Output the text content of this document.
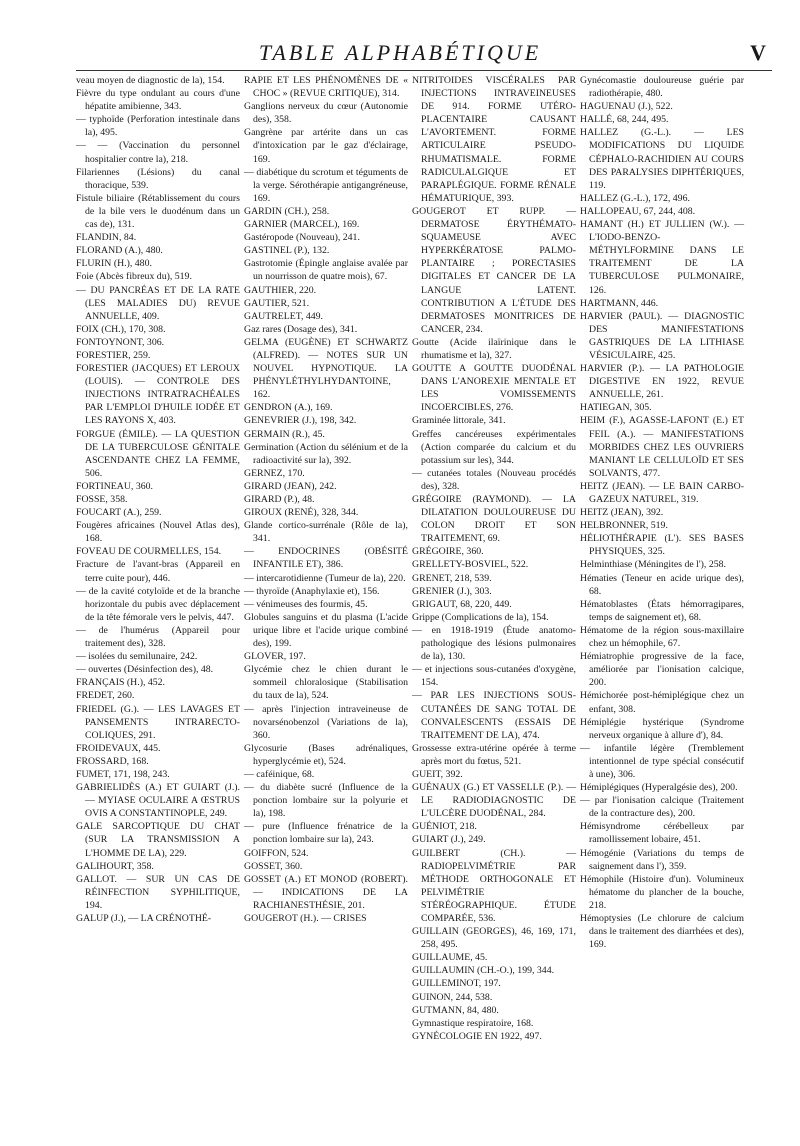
TABLE ALPHABÉTIQUE	V

veau moyen de diagnostic de la), 154.

Fièvre du type ondulant au cours d'une hépatite amibienne, 343.

— typhoïde (Perforation intestinale dans la), 495.

— — (Vaccination du personnel hospitalier contre la), 218.

Filariennes (Lésions) du canal thoracique, 539.

Fistule biliaire (Rétablissement du cours de la bile vers le duodénum dans un cas de), 131.

FLANDIN, 84.

FLORAND (A.), 480.

FLURIN (H.), 480.

Foie (Abcès fibreux du), 519.

— DU PANCRÉAS ET DE LA RATE (LES MALADIES DU) REVUE ANNUELLE, 409.

FOIX (CH.), 170, 308.

FONTOYNONT, 306.

FORESTIER, 259.

FORESTIER (JACQUES) ET LEROUX (LOUIS). — CONTROLE DES INJECTIONS INTRATRACHÉALES PAR L'EMPLOI D'HUILE IODÉE ET LES RAYONS X, 403.

FORGUE (ÉMILE). — LA QUESTION DE LA TUBERCULOSE GÉNITALE ASCENDANTE CHEZ LA FEMME, 506.

FORTINEAU, 360.

FOSSE, 358.

FOUCART (A.), 259.

Fougères africaines (Nouvel Atlas des), 168.

FOVEAU DE COURMELLES, 154.

Fracture de l'avant-bras (Appareil en terre cuite pour), 446.

— de la cavité cotyloïde et de la branche horizontale du pubis avec déplacement de la tête fémorale vers le pelvis, 447.

— de l'humérus (Appareil pour traitement des), 328.

— isolées du semilunaire, 242.

— ouvertes (Désinfection des), 48.

FRANÇAIS (H.), 452.

FREDET, 260.

FRIEDEL (G.). — LES LAVAGES ET PANSEMENTS INTRARECTO-COLIQUES, 291.

FROIDEVAUX, 445.

FROSSARD, 168.

FUMET, 171, 198, 243.

GABRIELIDÈS (A.) ET GUIART (J.). — MYIASE OCULAIRE A ŒSTRUS OVIS A CONSTANTINOPLE, 249.

GALE SARCOPTIQUE DU CHAT (SUR LA TRANSMISSION A L'HOMME DE LA), 229.

GALIHOURT, 358.

GALLOT. — SUR UN CAS DE RÉINFECTION SYPHILITIQUE, 194.

GALUP (J.), — LA CRÉNOTHÉ-

RAPIE ET LES PHÉNOMÈNES DE « CHOC » (REVUE CRITIQUE), 314.

Ganglions nerveux du cœur (Autonomie des), 358.

Gangrène par artérite dans un cas d'intoxication par le gaz d'éclairage, 169.

— diabétique du scrotum et téguments de la verge. Sérothérapie antigangréneuse, 169.

GARDIN (CH.), 258.

GARNIER (MARCEL), 169.

Gastéropode (Nouveau), 241.

GASTINEL (P.), 132.

Gastrotomie (Épingle anglaise avalée par un nourrisson de quatre mois), 67.

GAUTHIER, 220.

GAUTIER, 521.

GAUTRELET, 449.

Gaz rares (Dosage des), 341.

GELMA (EUGÈNE) ET SCHWARTZ (ALFRED). — NOTES SUR UN NOUVEL HYPNOTIQUE. LA PHÉNYLÉTHYLHYDANTOINE, 162.

GENDRON (A.), 169.

GENEVRIER (J.), 198, 342.

GERMAIN (R.), 45.

Germination (Action du sélénium et de la radioactivité sur la), 392.

GERNEZ, 170.

GIRARD (JEAN), 242.

GIRARD (P.), 48.

GIROUX (RENÉ), 328, 344.

Glande cortico-surrénale (Rôle de la), 341.

— ENDOCRINES (OBÉSITÉ INFANTILE ET), 386.

— intercarotidienne (Tumeur de la), 220.

— thyroïde (Anaphylaxie et), 156.

— vénimeuses des fourmis, 45.

Globules sanguins et du plasma (L'acide urique libre et l'acide urique combiné des), 199.

GLOVER, 197.

Glycémie chez le chien durant le sommeil chloralosique (Stabilisation du taux de la), 524.

— après l'injection intraveineuse de novarsénobenzol (Variations de la), 360.

Glycosurie (Bases adrénaliques, hyperglycémie et), 524.

— caféinique, 68.

— du diabète sucré (Influence de la ponction lombaire sur la polyurie et la), 198.

— pure (Influence frénatrice de la ponction lombaire sur la), 243.

GOIFFON, 524.

GOSSET, 360.

GOSSET (A.) ET MONOD (ROBERT). — INDICATIONS DE LA RACHIANESTHÉSIE, 201.

GOUGEROT (H.). — CRISES

NITRITOIDES VISCÉRALES PAR INJECTIONS INTRAVEINEUSES DE 914. FORME UTÉRO-PLACENTAIRE CAUSANT L'AVORTEMENT. FORME ARTICULAIRE PSEUDO-RHUMATISMALE. FORME RADICULALGIQUE ET PARAPLÉGIQUE. FORME RÉNALE HÉMATURIQUE, 393.

GOUGEROT ET RUPP. — DERMATOSE ÉRYTHÉMATO-SQUAMEUSE AVEC HYPERKÉRATOSE PALMO-PLANTAIRE ; PORECTASIES DIGITALES ET CANCER DE LA LANGUE LATENT. CONTRIBUTION A L'ÉTUDE DES DERMATOSES MONITRICES DE CANCER, 234.

Goutte (Acide ilaïrinique dans le rhumatisme et la), 327.

GOUTTE A GOUTTE DUODÉNAL DANS L'ANOREXIE MENTALE ET LES VOMISSEMENTS INCOERCIBLES, 276.

Graminée littorale, 341.

Greffes cancéreuses expérimentales (Action comparée du calcium et du potassium sur les), 344.

— cutanées totales (Nouveau procédés des), 328.

GRÉGOIRE (RAYMOND). — LA DILATATION DOULOUREUSE DU COLON DROIT ET SON TRAITEMENT, 69.

GRÉGOIRE, 360.

GRELLETY-BOSVIEL, 522.

GRENET, 218, 539.

GRENIER (J.), 303.

GRIGAUT, 68, 220, 449.

Grippe (Complications de la), 154.

— en 1918-1919 (Étude anatomo-pathologique des lésions pulmonaires de la), 130.

— et injections sous-cutanées d'oxygène, 154.

— PAR LES INJECTIONS SOUS-CUTANÉES DE SANG TOTAL DE CONVALESCENTS (ESSAIS DE TRAITEMENT DE LA), 474.

Grossesse extra-utérine opérée à terme après mort du fœtus, 521.

GUEIT, 392.

GUÉNAUX (G.) ET VASSELLE (P.). — LE RADIODIAGNOSTIC DE L'ULCÈRE DUODÉNAL, 284.

GUÉNIOT, 218.

GUIART (J.), 249.

GUILBERT (CH.). — RADIOPELVIMÉTRIE PAR MÉTHODE ORTHOGONALE ET PELVIMÉTRIE STÉRÉOGRAPHIQUE. ÉTUDE COMPARÉE, 536.

GUILLAIN (GEORGES), 46, 169, 171, 258, 495.

GUILLAUME, 45.

GUILLAUMIN (CH.-O.), 199, 344.

GUILLEMINOT, 197.

GUINON, 244, 538.

GUTMANN, 84, 480.

Gymnastique respiratoire, 168.

GYNÉCOLOGIE EN 1922, 497.

Gynécomastie douloureuse guérie par radiothérapie, 480.

HAGUENAU (J.), 522.

HALLÉ, 68, 244, 495.

HALLEZ (G.-L.). — LES MODIFICATIONS DU LIQUIDE CÉPHALO-RACHIDIEN AU COURS DES PARALYSIES DIPHTÉRIQUES, 119.

HALLEZ (G.-L.), 172, 496.

HALLOPEAU, 67, 244, 408.

HAMANT (H.) ET JULLIEN (W.). — L'IODO-BENZO-MÉTHYLFORMINE DANS LE TRAITEMENT DE LA TUBERCULOSE PULMONAIRE, 126.

HARTMANN, 446.

HARVIER (PAUL). — DIAGNOSTIC DES MANIFESTATIONS GASTRIQUES DE LA LITHIASE VÉSICULAIRE, 425.

HARVIER (P.). — LA PATHOLOGIE DIGESTIVE EN 1922, REVUE ANNUELLE, 261.

HATIEGAN, 305.

HEIM (F.), AGASSE-LAFONT (E.) ET FEIL (A.). — MANIFESTATIONS MORBIDES CHEZ LES OUVRIERS MANIANT LE CELLULOÏD ET SES SOLVANTS, 477.

HEITZ (JEAN). — LE BAIN CARBO-GAZEUX NATUREL, 319.

HEITZ (JEAN), 392.

HELBRONNER, 519.

HÉLIOTHÉRAPIE (L'). SES BASES PHYSIQUES, 325.

Helminthiase (Méningites de l'), 258.

Hématies (Teneur en acide urique des), 68.

Hématoblastes (États hémorragipares, temps de saignement et), 68.

Hématome de la région sous-maxillaire chez un hémophile, 67.

Hémiatrophie progressive de la face, améliorée par l'ionisation calcique, 200.

Hémichorée post-hémiplégique chez un enfant, 308.

Hémiplégie hystérique (Syndrome nerveux organique à allure d'), 84.

— infantile légère (Tremblement intentionnel de type spécial consécutif à une), 306.

Hémiplégiques (Hyperalgésie des), 200.

— par l'ionisation calcique (Traitement de la contracture des), 200.

Hémisyndrome cérébelleux par ramollissement lobaire, 451.

Hémogénie (Variations du temps de saignement dans l'), 359.

Hémophile (Histoire d'un). Volumineux hématome du plancher de la bouche, 218.

Hémoptysies (Le chlorure de calcium dans le traitement des diarrhées et des), 169.
